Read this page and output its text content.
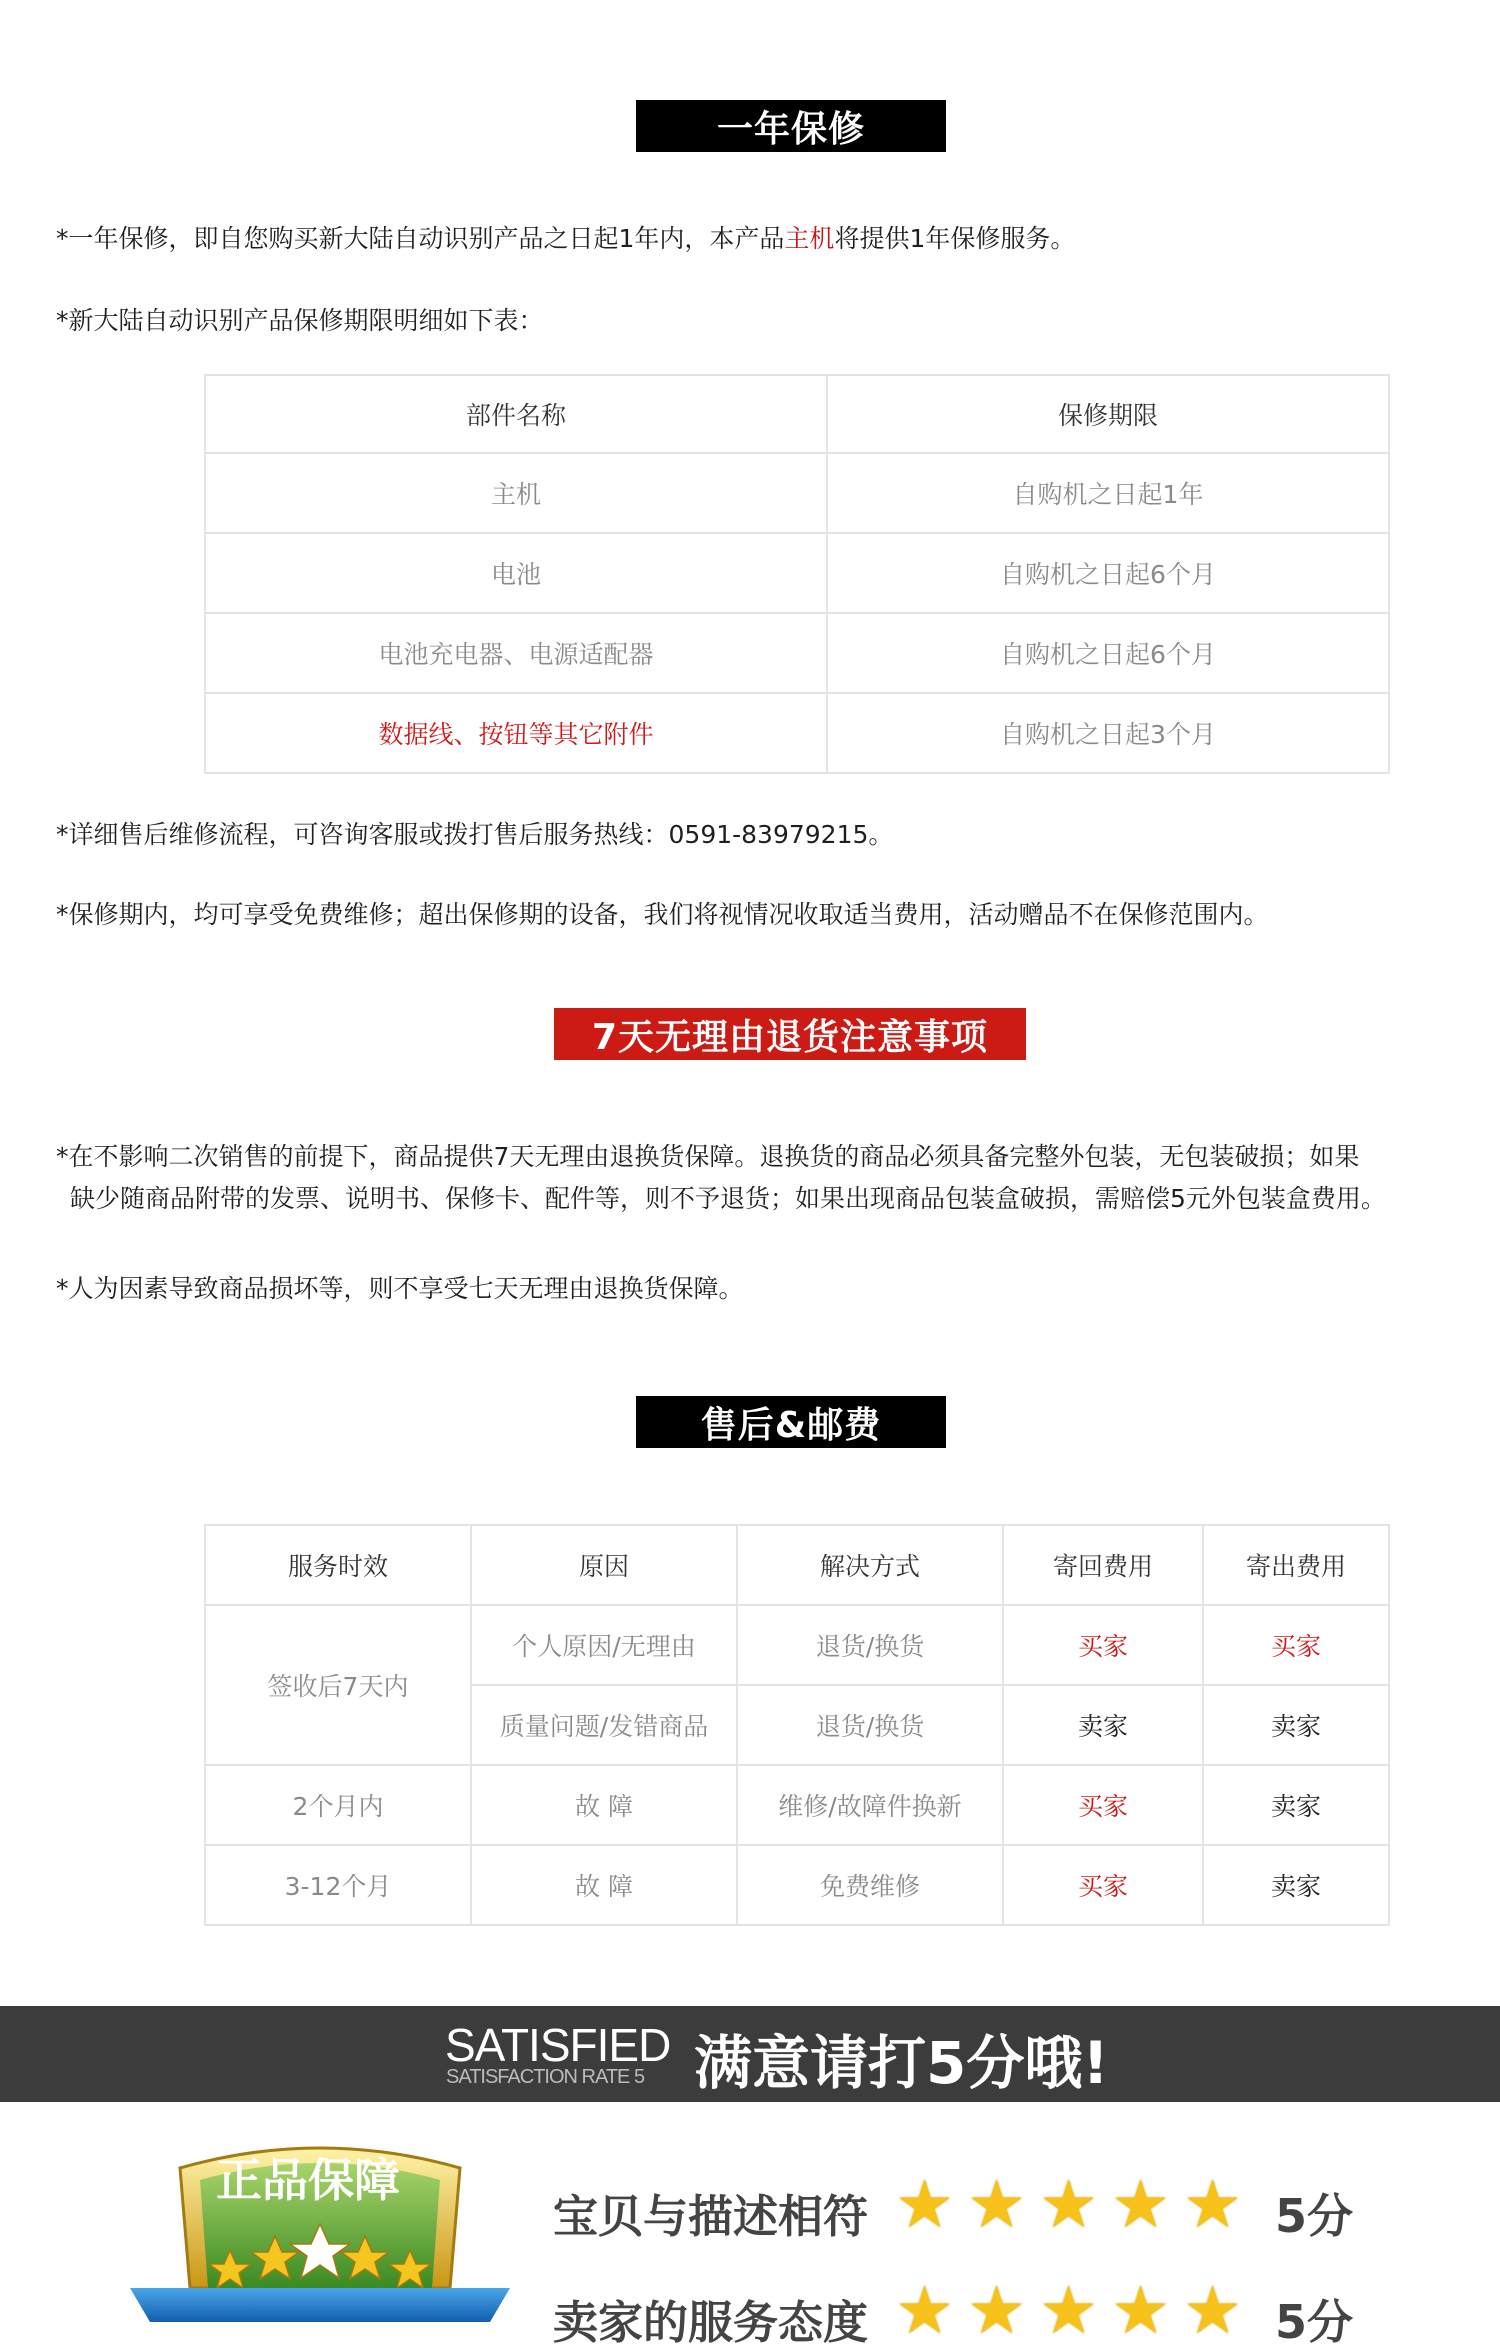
一年保修
*一年保修，即自您购买新大陆自动识别产品之日起1年内，本产品主机将提供1年保修服务。
*新大陆自动识别产品保修期限明细如下表：
部件名称	保修期限
主机	自购机之日起1年
电池	自购机之日起6个月
电池充电器、电源适配器	自购机之日起6个月
数据线、按钮等其它附件	自购机之日起3个月
*详细售后维修流程，可咨询客服或拨打售后服务热线：0591-83979215。
*保修期内，均可享受免费维修；超出保修期的设备，我们将视情况收取适当费用，活动赠品不在保修范围内。
7天无理由退货注意事项
*在不影响二次销售的前提下，商品提供7天无理由退换货保障。退换货的商品必须具备完整外包装，无包装破损；如果
缺少随商品附带的发票、说明书、保修卡、配件等，则不予退货；如果出现商品包装盒破损，需赔偿5元外包装盒费用。
*人为因素导致商品损坏等，则不享受七天无理由退换货保障。
售后&邮费
服务时效	原因	解决方式	寄回费用	寄出费用
签收后7天内	个人原因/无理由	退货/换货	买家	买家
	质量问题/发错商品	退货/换货	卖家	卖家
2个月内	故 障	维修/故障件换新	买家	卖家
3-12个月	故 障	免费维修	买家	卖家
SATISFIED
SATISFACTION RATE 5 满意请打5分哦!
正品保障
宝贝与描述相符 ★ ★ ★ ★ ★ 5分
卖家的服务态度 ★ ★ ★ ★ ★ 5分
